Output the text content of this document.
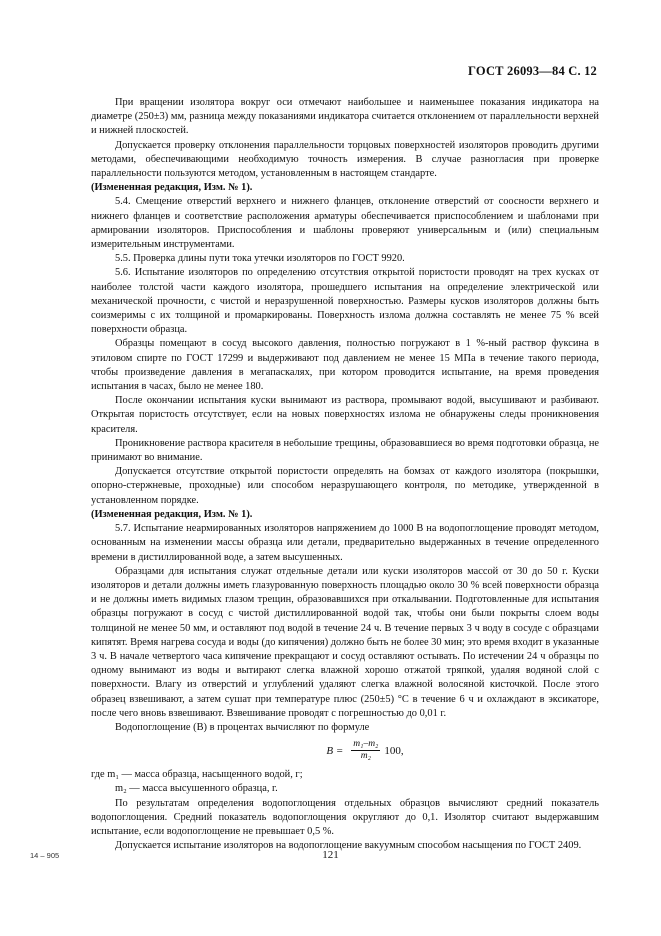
ГОСТ 26093—84 С. 12

При вращении изолятора вокруг оси отмечают наибольшее и наименьшее показания индикатора на диаметре (250±3) мм, разница между показаниями индикатора считается отклонением от параллельности верхней и нижней плоскостей.

Допускается проверку отклонения параллельности торцовых поверхностей изоляторов проводить другими методами, обеспечивающими необходимую точность измерения. В случае разногласия при проверке параллельности пользуются методом, установленным в настоящем стандарте.

(Измененная редакция, Изм. № 1).

5.4. Смещение отверстий верхнего и нижнего фланцев, отклонение отверстий от соосности верхнего и нижнего фланцев и соответствие расположения арматуры обеспечивается приспособлением и шаблонами при армировании изоляторов. Приспособления и шаблоны проверяют универсальным и (или) специальным измерительным инструментами.

5.5. Проверка длины пути тока утечки изоляторов по ГОСТ 9920.

5.6. Испытание изоляторов по определению отсутствия открытой пористости проводят на трех кусках от наиболее толстой части каждого изолятора, прошедшего испытания на определение электрической или механической прочности, с чистой и неразрушенной поверхностью. Размеры кусков изоляторов должны быть соизмеримы с их толщиной и промаркированы. Поверхность излома должна составлять не менее 75 % всей поверхности образца.

Образцы помещают в сосуд высокого давления, полностью погружают в 1 %-ный раствор фуксина в этиловом спирте по ГОСТ 17299 и выдерживают под давлением не менее 15 МПа в течение такого периода, чтобы произведение давления в мегапаскалях, при котором проводится испытание, на время проведения испытания в часах, было не менее 180.

После окончании испытания куски вынимают из раствора, промывают водой, высушивают и разбивают. Открытая пористость отсутствует, если на новых поверхностях излома не обнаружены следы проникновения красителя.

Проникновение раствора красителя в небольшие трещины, образовавшиеся во время подготовки образца, не принимают во внимание.

Допускается отсутствие открытой пористости определять на бомзах от каждого изолятора (покрышки, опорно-стержневые, проходные) или способом неразрушающего контроля, по методике, утвержденной в установленном порядке.

(Измененная редакция, Изм. № 1).

5.7. Испытание неармированных изоляторов напряжением до 1000 В на водопоглощение проводят методом, основанным на изменении массы образца или детали, предварительно выдержанных в течение определенного времени в дистиллированной воде, а затем высушенных.

Образцами для испытания служат отдельные детали или куски изоляторов массой от 30 до 50 г. Куски изоляторов и детали должны иметь глазурованную поверхность площадью около 30 % всей поверхности образца и не должны иметь видимых глазом трещин, образовавшихся при откалывании. Подготовленные для испытания образцы погружают в сосуд с чистой дистиллированной водой так, чтобы они были покрыты слоем воды толщиной не менее 50 мм, и оставляют под водой в течение 24 ч. В течение первых 3 ч воду в сосуде с образцами кипятят. Время нагрева сосуда и воды (до кипячения) должно быть не более 30 мин; это время входит в указанные 3 ч. В начале четвертого часа кипячение прекращают и сосуд оставляют остывать. По истечении 24 ч образцы по одному вынимают из воды и вытирают слегка влажной хорошо отжатой тряпкой, удаляя водяной слой с поверхности. Влагу из отверстий и углублений удаляют слегка влажной волосяной кисточкой. После этого образец взвешивают, а затем сушат при температуре плюс (250±5) °С в течение 6 ч и охлаждают в эксикаторе, после чего вновь взвешивают. Взвешивание проводят с погрешностью до 0,01 г.

Водопоглощение (В) в процентах вычисляют по формуле

$B = \frac{\text{m₁–m₂}}{\text{m₂}} 100$,

где m₁ — масса образца, насыщенного водой, г;

m₂ — масса высушенного образца, г.

По результатам определения водопоглощения отдельных образцов вычисляют средний показатель водопоглощения. Средний показатель водопоглощения округляют до 0,1. Изолятор считают выдержавшим испытание, если водопоглощение не превышает 0,5 %.

Допускается испытание изоляторов на водопоглощение вакуумным способом насыщения по ГОСТ 2409.

14 – 905	121
